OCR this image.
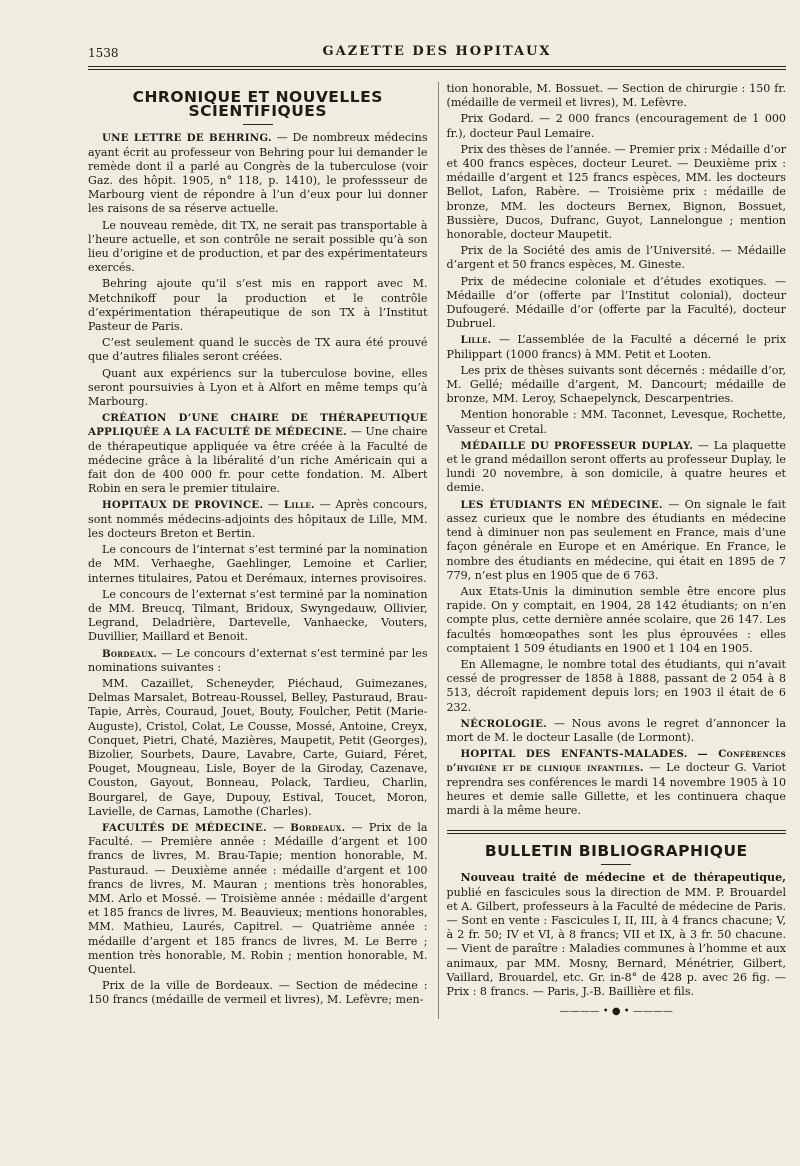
1538	GAZETTE DES HOPITAUX
CHRONIQUE ET NOUVELLES SCIENTIFIQUES

UNE LETTRE DE BEHRING. — De nombreux médecins ayant écrit au professeur von Behring pour lui demander le remède dont il a parlé au Congrès de la tuberculose (voir Gaz. des hôpit. 1905, n° 118, p. 1410), le professseur de Marbourg vient de répondre à l’un d’eux pour lui donner les raisons de sa réserve actuelle.

Le nouveau remède, dit TX, ne serait pas transportable à l’heure actuelle, et son contrôle ne serait possible qu’à son lieu d’origine et de production, et par des expérimentateurs exercés.

Behring ajoute qu’il s’est mis en rapport avec M. Metchnikoff pour la production et le contrôle d’expérimentation thérapeutique de son TX à l’Institut Pasteur de Paris.

C’est seulement quand le succès de TX aura été prouvé que d’autres filiales seront créées.

Quant aux expériencs sur la tuberculose bovine, elles seront poursuivies à Lyon et à Alfort en même temps qu’à Marbourg.

CRÉATION D’UNE CHAIRE DE THÉRAPEUTIQUE APPLIQUÉE A LA FACULTÉ DE MÉDECINE. — Une chaire de thérapeutique appliquée va être créée à la Faculté de médecine grâce à la libéralité d’un riche Américain qui a fait don de 400 000 fr. pour cette fondation. M. Albert Robin en sera le premier titulaire.

HOPITAUX DE PROVINCE. — Lille. — Après concours, sont nommés médecins-adjoints des hôpitaux de Lille, MM. les docteurs Breton et Bertin.

Le concours de l’internat s’est terminé par la nomination de MM. Verhaeghe, Gaehlinger, Lemoine et Carlier, internes titulaires, Patou et Derémaux, internes provisoires.

Le concours de l’externat s’est terminé par la nomination de MM. Breucq, Tilmant, Bridoux, Swyngedauw, Ollivier, Legrand, Deladrière, Dartevelle, Vanhaecke, Vouters, Duvillier, Maillard et Benoit.

Bordeaux. — Le concours d’externat s’est terminé par les nominations suivantes :

MM. Cazaillet, Scheneyder, Piéchaud, Guimezanes, Delmas Marsalet, Botreau-Roussel, Belley, Pasturaud, Brau-Tapie, Arrès, Couraud, Jouet, Bouty, Foulcher, Petit (Marie-Auguste), Cristol, Colat, Le Cousse, Mossé, Antoine, Creyx, Conquet, Pietri, Chaté, Mazières, Maupetit, Petit (Georges), Bizolier, Sourbets, Daure, Lavabre, Carte, Guiard, Féret, Pouget, Mougneau, Lisle, Boyer de la Giroday, Cazenave, Couston, Gayout, Bonneau, Polack, Tardieu, Charlin, Bourgarel, de Gaye, Dupouy, Estival, Toucet, Moron, Lavielle, de Carnas, Lamothe (Charles).

FACULTÉS DE MÉDECINE. — Bordeaux. — Prix de la Faculté. — Première année : Médaille d’argent et 100 francs de livres, M. Brau-Tapie; mention honorable, M. Pasturaud. — Deuxième année : médaille d’argent et 100 francs de livres, M. Mauran ; mentions très honorables, MM. Arlo et Mossé. — Troisième année : médaille d’argent et 185 francs de livres, M. Beauvieux; mentions honorables, MM. Mathieu, Laurés, Capitrel. — Quatrième année : médaille d’argent et 185 francs de livres, M. Le Berre ; mention très honorable, M. Robin ; mention honorable, M. Quentel.

Prix de la ville de Bordeaux. — Section de médecine : 150 francs (médaille de vermeil et livres), M. Lefèvre; men-

tion honorable, M. Bossuet. — Section de chirurgie : 150 fr. (médaille de vermeil et livres), M. Lefèvre.

Prix Godard. — 2 000 francs (encouragement de 1 000 fr.), docteur Paul Lemaire.

Prix des thèses de l’année. — Premier prix : Médaille d’or et 400 francs espèces, docteur Leuret. — Deuxième prix : médaille d’argent et 125 francs espèces, MM. les docteurs Bellot, Lafon, Rabère. — Troisième prix : médaille de bronze, MM. les docteurs Bernex, Bignon, Bossuet, Bussière, Ducos, Dufranc, Guyot, Lannelongue ; mention honorable, docteur Maupetit.

Prix de la Société des amis de l’Université. — Médaille d’argent et 50 francs espèces, M. Gineste.

Prix de médecine coloniale et d’études exotiques. — Médaille d’or (offerte par l’Institut colonial), docteur Dufougeré. Médaille d’or (offerte par la Faculté), docteur Dubruel.

Lille. — L’assemblée de la Faculté a décerné le prix Philippart (1000 francs) à MM. Petit et Looten.

Les prix de thèses suivants sont décernés : médaille d’or, M. Gellé; médaille d’argent, M. Dancourt; médaille de bronze, MM. Leroy, Schaepelynck, Descarpentries.

Mention honorable : MM. Taconnet, Levesque, Rochette, Vasseur et Cretal.

MÉDAILLE DU PROFESSEUR DUPLAY. — La plaquette et le grand médaillon seront offerts au professeur Duplay, le lundi 20 novembre, à son domicile, à quatre heures et demie.

LES ÉTUDIANTS EN MÉDECINE. — On signale le fait assez curieux que le nombre des étudiants en médecine tend à diminuer non pas seulement en France, mais d’une façon générale en Europe et en Amérique. En France, le nombre des étudiants en médecine, qui était en 1895 de 7 779, n’est plus en 1905 que de 6 763.

Aux Etats-Unis la diminution semble être encore plus rapide. On y comptait, en 1904, 28 142 étudiants; on n’en compte plus, cette dernière année scolaire, que 26 147. Les facultés homœopathes sont les plus éprouvées : elles comptaient 1 509 étudiants en 1900 et 1 104 en 1905.

En Allemagne, le nombre total des étudiants, qui n’avait cessé de progresser de 1858 à 1888, passant de 2 054 à 8 513, décroît rapidement depuis lors; en 1903 il était de 6 232.

NÉCROLOGIE. — Nous avons le regret d’annoncer la mort de M. le docteur Lasalle (de Lormont).

HOPITAL DES ENFANTS-MALADES. — Conférences d’hygiène et de clinique infantiles. — Le docteur G. Variot reprendra ses conférences le mardi 14 novembre 1905 à 10 heures et demie salle Gillette, et les continuera chaque mardi à la même heure.

BULLETIN BIBLIOGRAPHIQUE

Nouveau traité de médecine et de thérapeutique, publié en fascicules sous la direction de MM. P. Brouardel et A. Gilbert, professeurs à la Faculté de médecine de Paris. — Sont en vente : Fascicules I, II, III, à 4 francs chacune; V, à 2 fr. 50; IV et VI, à 8 francs; VII et IX, à 3 fr. 50 chacune. — Vient de paraître : Maladies communes à l’homme et aux animaux, par MM. Mosny, Bernard, Ménétrier, Gilbert, Vaillard, Brouardel, etc. Gr. in-8° de 428 p. avec 26 fig. — Prix : 8 francs. — Paris, J.-B. Baillière et fils.

———— • ● • ————
